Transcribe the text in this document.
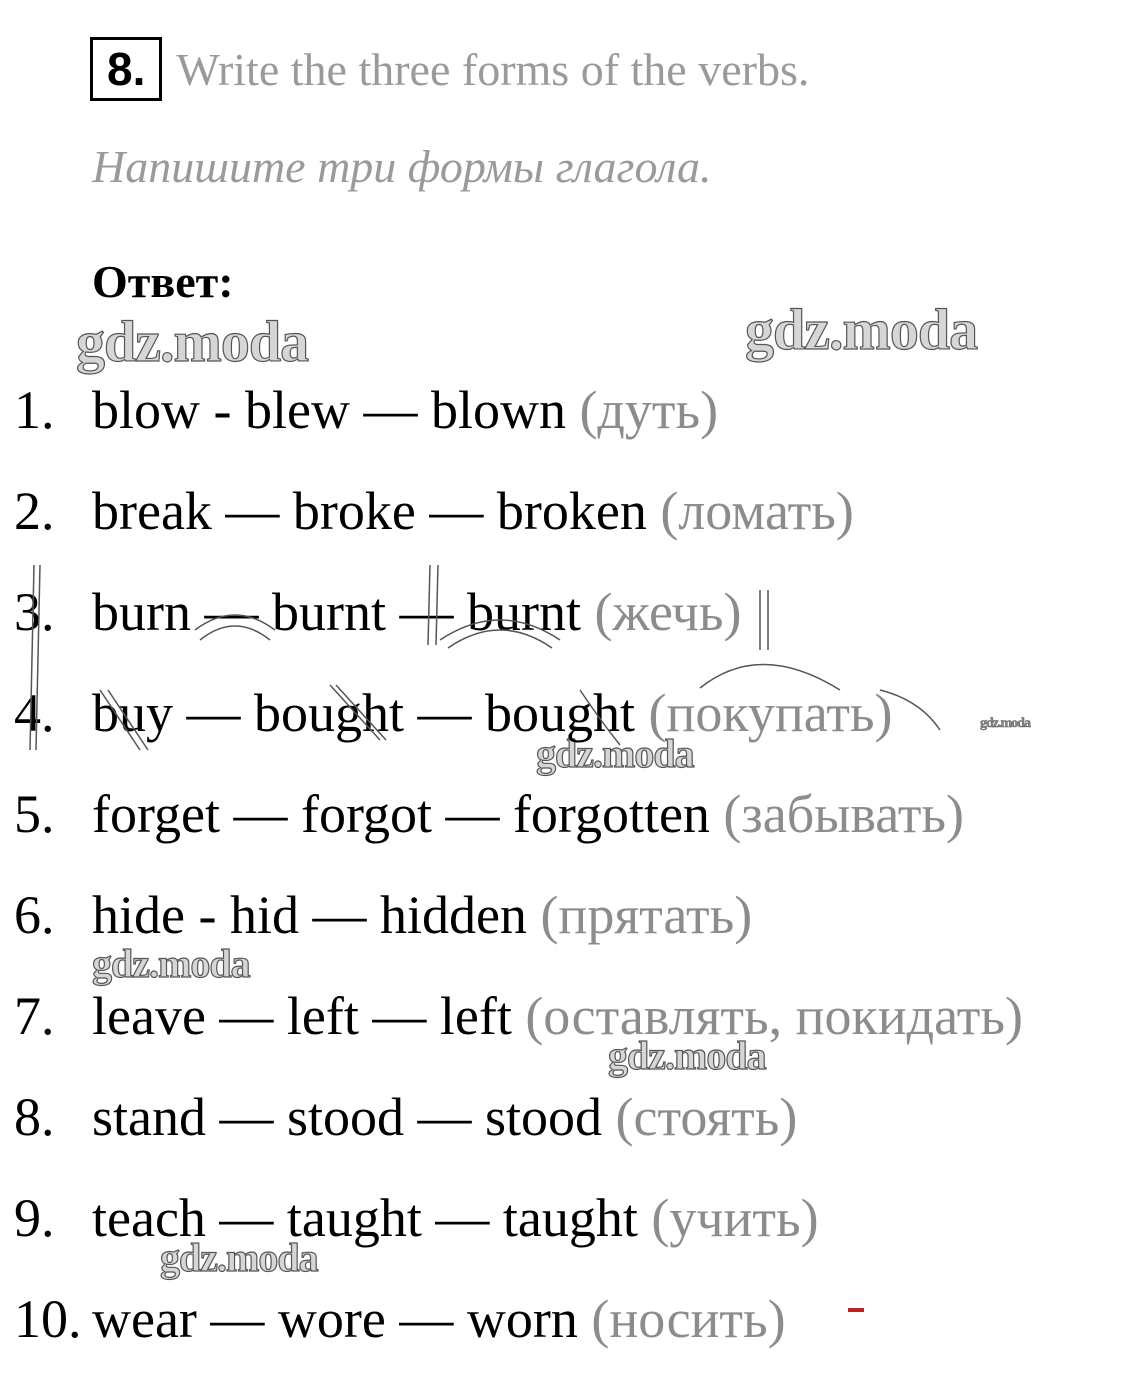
8. Write the three forms of the verbs.
Напишите три формы глагола.
Ответ:
gdz.moda	gdz.moda
gdz.moda
gdz.moda
gdz.moda
gdz.moda
gdz.moda
1. blow - blew — blown (дуть)
2. break — broke — broken (ломать)
3. burn — burnt — burnt (жечь)
4. buy — bought — bought (покупать)
5. forget — forgot — forgotten (забывать)
6. hide - hid — hidden (прятать)
7. leave — left — left (оставлять, покидать)
8. stand — stood — stood (стоять)
9. teach — taught — taught (учить)
10. wear — wore — worn (носить)
